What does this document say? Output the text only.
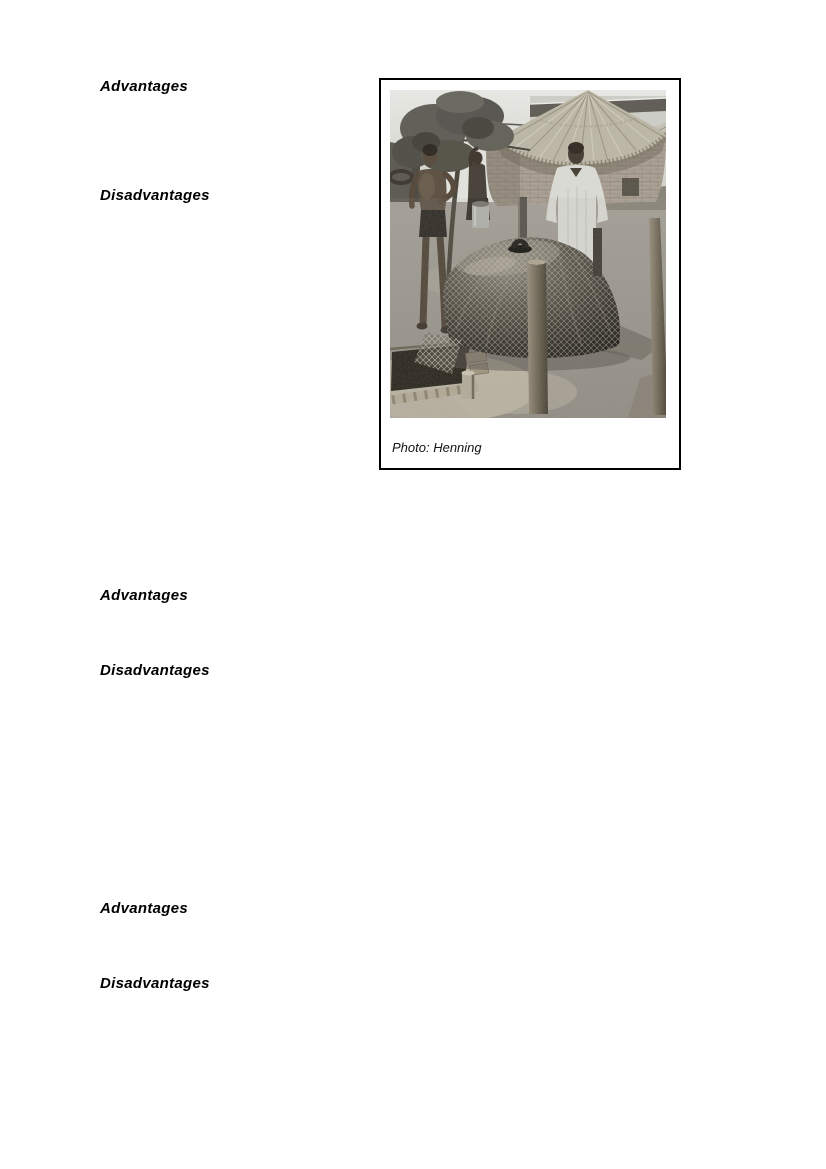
Advantages
Disadvantages
Advantages
Disadvantages
Advantages
Disadvantages
Photo: Henning
